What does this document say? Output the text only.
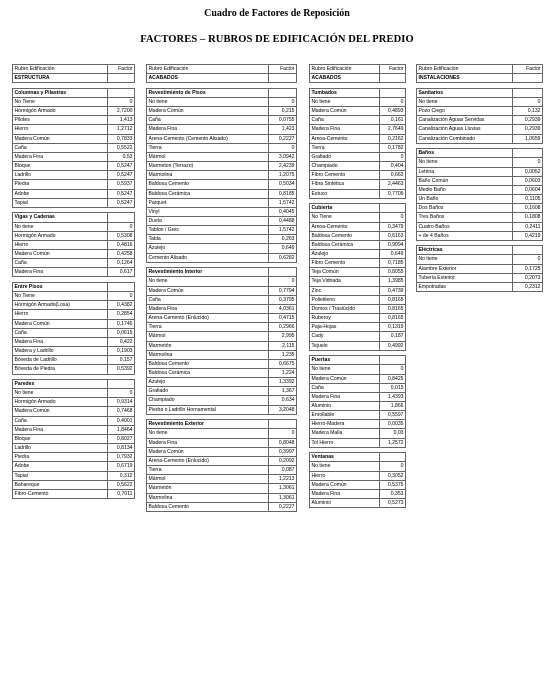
Cuadro de Factores de Reposición
FACTORES – RUBROS DE EDIFICACIÓN DEL PREDIO
Rubro Edificación	Factor
ESTRUCTURA	

Columnas y Pilastras	
No Tiene	0
Hormigón Armado	2,7200
Pilotes	1,413
Hierro	1,2712
Madera Común	0,7833
Caña	0,5522
Madera Fina	0,53
Bloque	0,5247
Ladrillo	0,5247
Piedra	0,5937
Adobe	0,5247
Tapial	0,5247

Vigas y Cadenas	
No tiene	0
Hormigón Armado	0,5308
Hierro	0,4816
Madera Común	0,4258
Caña	0,1264
Madera Fina	0,617

Entre Pisos	
No Tiene	0
Hormigón Armado(Losa)	0,4382
Hierro	0,2854
Madera Común	0,1746
Caña	0,0615
Madera Fina	0,422
Madera y Ladrillo	0,1903
Bóveda de Ladrillo	0,157
Bóveda de Piedra	0,5392

Paredes	
No tiene	0
Hormigón Armado	0,9314
Madera Común	0,7468
Caña	0,4001
Madera Fina	1,8464
Bloque	0,8027
Ladrillo	0,8134
Piedra	0,7932
Adobe	0,6719
Tapial	0,312
Bahareque	0,5622
Fibro-Cemento	0,7011
Rubro Edificación	Factor
ACABADOS	

Revestimiento de Pisos	
No tiene	0
Madera Común	0,215
Caña	0,0755
Madera Fina	1,423
Arena-Cemento (Cemento Alisado)	0,2227
Tierra	0
Mármol	3,0942
Marmeton (Terrazo)	2,4239
Marmolina	1,2075
Baldosa Cemento	0,5034
Baldosa Cerámica	0,8185
Parquet	1,5742
Vinyl	0,4045
Duela	0,4488
Tablon / Gres	1,5742
Tabla	0,263
Azulejo	0,649
Cemento Alisado	0,6282

Revestimiento Interior	
No tiene	0
Madera Común	0,7794
Caña	0,3795
Madera Fina	4,0361
Arena-Cemento (Enlucido)	0,4715
Tierra	0,2966
Mármol	2,995
Marmetón	2,115
Marmolina	1,235
Baldosa Cemento	0,6675
Baldosa Cerámica	1,224
Azulejo	1,3392
Grafiado	1,367
Champiado	0,634
Piedra o Ladrillo Hornamental	3,2048

Revestimiento Exterior	
No tiene	0
Madera Fina	0,8048
Madera Común	0,3997
Arena-Cemento (Enlucido)	0,2092
Tierra	0,087
Mármol	1,2213
Marmetón	1,3061
Marmolina	1,3061
Baldosa Cemento	0,2227
Rubro Edificación	Factor
ACABADOS	

Tumbados	
No tiene	0
Madera Común	0,4893
Caña	0,161
Madera Fina	2,7649
Arena-Cemento	0,2162
Tierra	0,1782
Grafiado	0
Champiado	0,404
Fibro Cemento	0,663
Fibra Sintética	2,4463
Estuco	0,7709

Cubierta	
No Tiene	0
Arena-Cemento	0,3479
Baldosa Cemento	0,6163
Baldosa Cerámica	0,9094
Azulejo	0,649
Fibro Cemento	0,7185
Teja Común	0,8055
Teja Vidriada	1,3985
Zinc	0,4739
Polietileno	0,8165
Domos / Traslúcido	0,8165
Ruberoy	0,8165
Paja-Hojas	0,1319
Cady	0,187
Tejuelo	0,4992

Puertas	
No tiene	0
Madera Común	0,8425
Caña	0,015
Madera Fina	1,4393
Aluminio	1,866
Enrollable	0,5597
Hierro-Madera	0,0035
Madera Malla	0,03
Tol Hierro	1,2572

Ventanas	
No tiene	0
Hierro	0,3052
Madera Común	0,5375
Madera Fina	0,353
Aluminio	0,5273
Rubro Edificación	Factor
INSTALACIONES	

Sanitarios	
No tiene	0
Pozo Ciego	0,132
Canalización Aguas Servidas	0,2939
Canalización Aguas Lluvias	0,2939
Canalización Combinado	1,0659

Baños	
No tiene	0
Letrina	0,0052
Baño Común	0,0603
Medio Baño	0,0604
Un Baño	0,1105
Dos Baños	0,1608
Tres Baños	0,1808
Cuatro Baños	0,2411
+ de 4 Baños	0,4219

Eléctricas	
No tiene	0
Alambre Exterior	0,1725
Tubería Exterior	0,2073
Empotradas	0,2312
